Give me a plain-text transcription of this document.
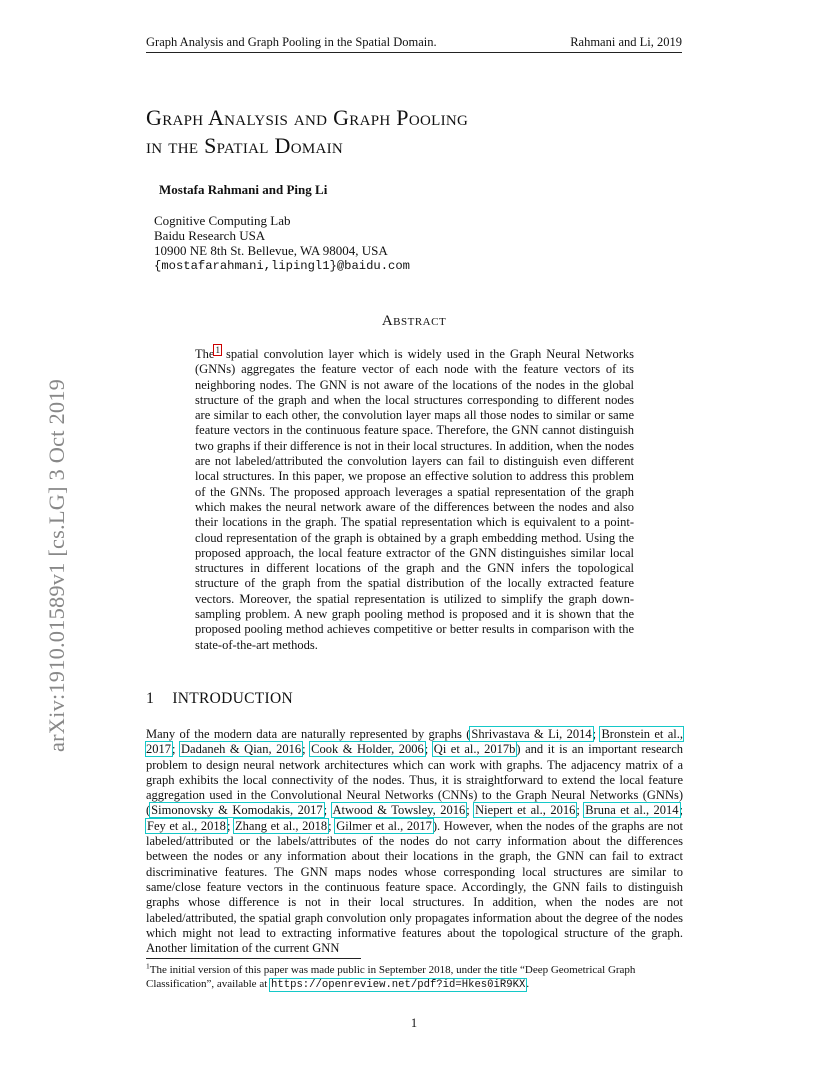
Graph Analysis and Graph Pooling in the Spatial Domain.	Rahmani and Li, 2019
arXiv:1910.01589v1 [cs.LG] 3 Oct 2019
Graph Analysis and Graph Pooling
in the Spatial Domain
Mostafa Rahmani and Ping Li
Cognitive Computing Lab
Baidu Research USA
10900 NE 8th St. Bellevue, WA 98004, USA
{mostafarahmani,lipingl1}@baidu.com
Abstract
The$^1$ spatial convolution layer which is widely used in the Graph Neural Networks (GNNs) aggregates the feature vector of each node with the feature vectors of its neighboring nodes. The GNN is not aware of the locations of the nodes in the global structure of the graph and when the local structures corresponding to different nodes are similar to each other, the convolution layer maps all those nodes to similar or same feature vectors in the continuous feature space. Therefore, the GNN cannot distinguish two graphs if their difference is not in their local structures. In addition, when the nodes are not labeled/attributed the convolution layers can fail to distinguish even different local structures. In this paper, we propose an effective solution to address this problem of the GNNs. The proposed approach leverages a spatial representation of the graph which makes the neural network aware of the differences between the nodes and also their locations in the graph. The spatial representation which is equivalent to a point-cloud representation of the graph is obtained by a graph embedding method. Using the proposed approach, the local feature extractor of the GNN distinguishes similar local structures in different locations of the graph and the GNN infers the topological structure of the graph from the spatial distribution of the locally extracted feature vectors. Moreover, the spatial representation is utilized to simplify the graph down-sampling problem. A new graph pooling method is proposed and it is shown that the proposed pooling method achieves competitive or better results in comparison with the state-of-the-art methods.
1 INTRODUCTION
Many of the modern data are naturally represented by graphs (Shrivastava & Li, 2014; Bronstein et al., 2017; Dadaneh & Qian, 2016; Cook & Holder, 2006; Qi et al., 2017b) and it is an important research problem to design neural network architectures which can work with graphs. The adjacency matrix of a graph exhibits the local connectivity of the nodes. Thus, it is straightforward to extend the local feature aggregation used in the Convolutional Neural Networks (CNNs) to the Graph Neural Networks (GNNs) (Simonovsky & Komodakis, 2017; Atwood & Towsley, 2016; Niepert et al., 2016; Bruna et al., 2014; Fey et al., 2018; Zhang et al., 2018; Gilmer et al., 2017). However, when the nodes of the graphs are not labeled/attributed or the labels/attributes of the nodes do not carry information about the differences between the nodes or any information about their locations in the graph, the GNN can fail to extract discriminative features. The GNN maps nodes whose corresponding local structures are similar to same/close feature vectors in the continuous feature space. Accordingly, the GNN fails to distinguish graphs whose difference is not in their local structures. In addition, when the nodes are not labeled/attributed, the spatial graph convolution only propagates information about the degree of the nodes which might not lead to extracting informative features about the topological structure of the graph. Another limitation of the current GNN
$^1$The initial version of this paper was made public in September 2018, under the title “Deep Geometrical Graph Classification”, available at https://openreview.net/pdf?id=Hkes0iR9KX.
1
